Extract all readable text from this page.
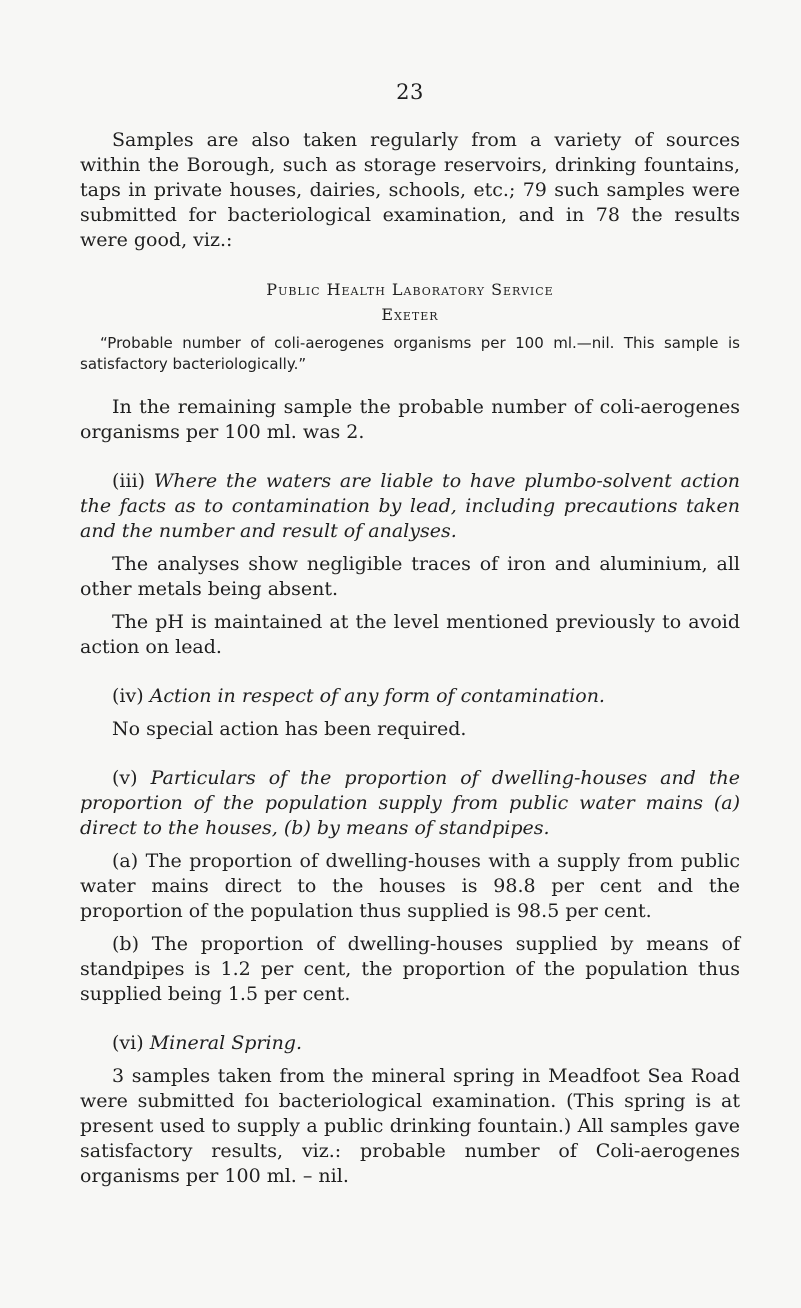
23

Samples are also taken regularly from a variety of sources within the Borough, such as storage reservoirs, drinking fountains, taps in private houses, dairies, schools, etc.; 79 such samples were submitted for bacteriological examination, and in 78 the results were good, viz.:

Public Health Laboratory Service
Exeter

“Probable number of coli-aerogenes organisms per 100 ml.—nil. This sample is satisfactory bacteriologically.”

In the remaining sample the probable number of coli-aerogenes organisms per 100 ml. was 2.

(iii) Where the waters are liable to have plumbo-solvent action the facts as to contamination by lead, including precautions taken and the number and result of analyses.

The analyses show negligible traces of iron and aluminium, all other metals being absent.

The pH is maintained at the level mentioned previously to avoid action on lead.

(iv) Action in respect of any form of contamination.

No special action has been required.

(v) Particulars of the proportion of dwelling-houses and the proportion of the population supply from public water mains (a) direct to the houses, (b) by means of standpipes.

(a) The proportion of dwelling-houses with a supply from public water mains direct to the houses is 98.8 per cent and the proportion of the population thus supplied is 98.5 per cent.

(b) The proportion of dwelling-houses supplied by means of standpipes is 1.2 per cent, the proportion of the population thus supplied being 1.5 per cent.

(vi) Mineral Spring.

3 samples taken from the mineral spring in Meadfoot Sea Road were submitted foı bacteriological examination. (This spring is at present used to supply a public drinking fountain.) All samples gave satisfactory results, viz.: probable number of Coli-aerogenes organisms per 100 ml. – nil.
